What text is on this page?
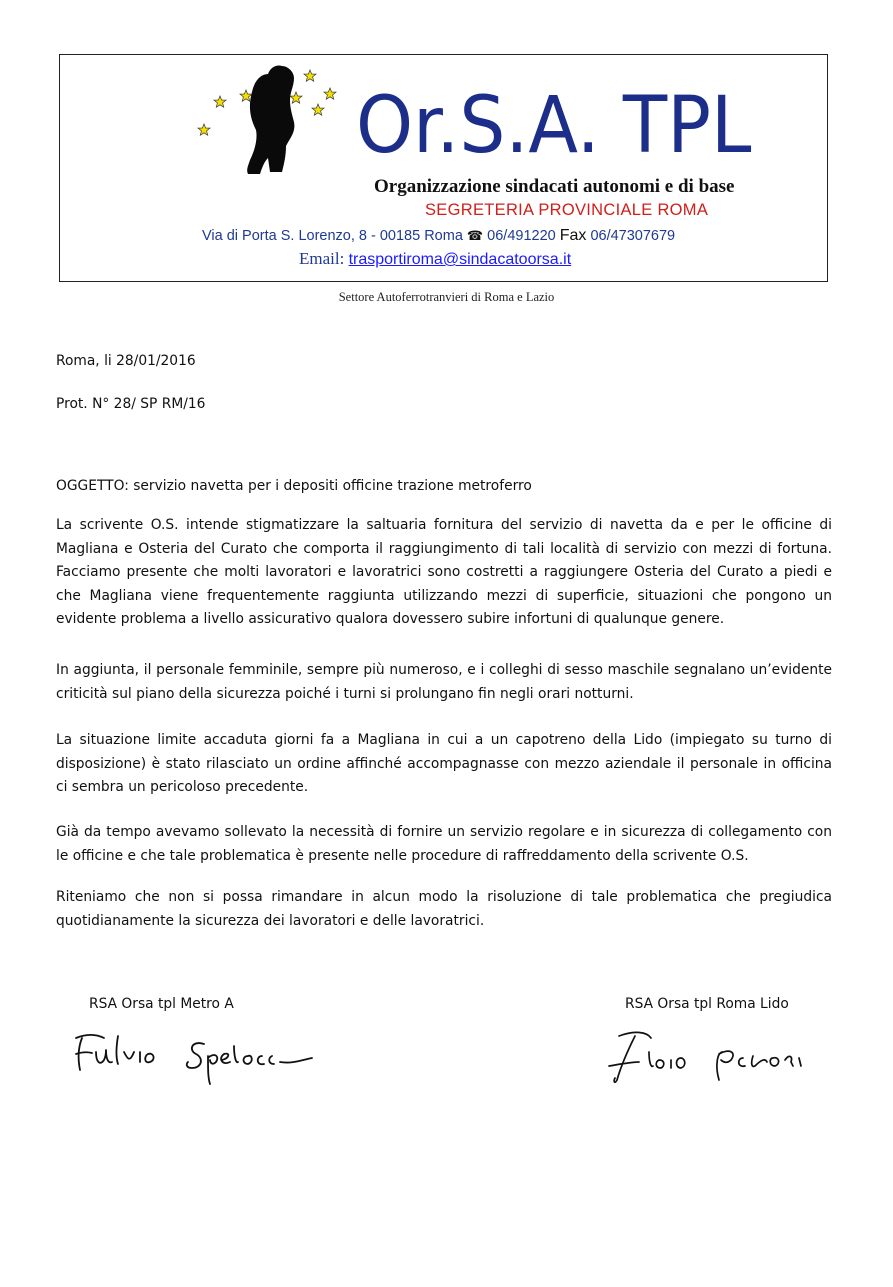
Or.S.A. TPL
Organizzazione sindacati autonomi e di base
SEGRETERIA PROVINCIALE ROMA
Via di Porta S. Lorenzo, 8 - 00185 Roma ☎ 06/491220 Fax 06/47307679
Email: trasportiroma@sindacatoorsa.it
Settore Autoferrotranvieri di Roma e Lazio
Roma, li 28/01/2016
Prot. N° 28/ SP RM/16
OGGETTO: servizio navetta per i depositi officine trazione metroferro
La scrivente O.S. intende stigmatizzare la saltuaria fornitura del servizio di navetta da e per le officine di Magliana e Osteria del Curato che comporta il raggiungimento di tali località di servizio con mezzi di fortuna. Facciamo presente che molti lavoratori e lavoratrici sono costretti a raggiungere Osteria del Curato a piedi e che Magliana viene frequentemente raggiunta utilizzando mezzi di superficie, situazioni che pongono un evidente problema a livello assicurativo qualora dovessero subire infortuni di qualunque genere.
In aggiunta, il personale femminile, sempre più numeroso, e i colleghi di sesso maschile segnalano un’evidente criticità sul piano della sicurezza poiché i turni si prolungano fin negli orari notturni.
La situazione limite accaduta giorni fa a Magliana in cui a un capotreno della Lido (impiegato su turno di disposizione) è stato rilasciato un ordine affinché accompagnasse con mezzo aziendale il personale in officina ci sembra un pericoloso precedente.
Già da tempo avevamo sollevato la necessità di fornire un servizio regolare e in sicurezza di collegamento con le officine e che tale problematica è presente nelle procedure di raffreddamento della scrivente O.S.
Riteniamo che non si possa rimandare in alcun modo la risoluzione di tale problematica che pregiudica quotidianamente la sicurezza dei lavoratori e delle lavoratrici.
RSA Orsa tpl Metro A	RSA Orsa tpl Roma Lido
